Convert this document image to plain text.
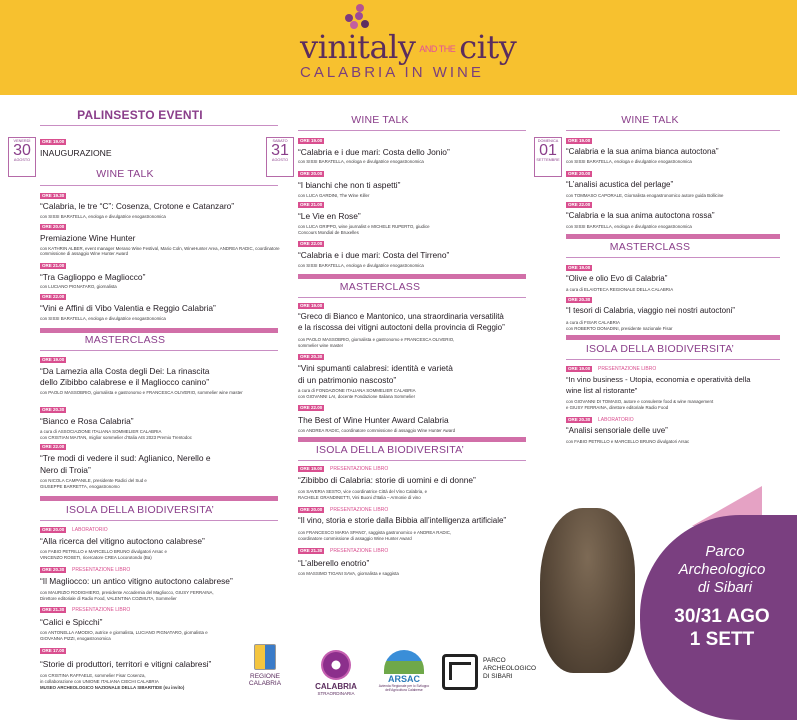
vinitaly AND THE city
CALABRIA IN WINE
PALINSESTO EVENTI
VENERDÌ
30
AGOSTO
ORE 19.00
INAUGURAZIONE
WINE TALK
ORE 19.30
“Calabria, le tre “C”: Cosenza, Crotone e Catanzaro”
con SISSI BARATELLA, enologa e divulgatrice enogastronomica
ORE 20.00
Premiazione Wine Hunter
con KATHRIN ALBER, event manager Merano Wine Festival, Mario Coln, WineHunter Area, ANDREA RADIC, coordinatore commissione di assaggio Wine Hunter Award
ORE 21.00
“Tra Gaglioppo e Magliocco”
con LUCIANO PIGNATARO, giornalista
ORE 22.00
“Vini e Affini di Vibo Valentia e Reggio Calabria”
con SISSI BARATELLA, enologa e divulgatrice enogastronomica
MASTERCLASS
ORE 19.00
“Da Lamezia alla Costa degli Dei: La rinascita
dello Zibibbo calabrese e il Magliocco canino”
con PAOLO MASSOBRIO, giornalista e gastronomo e FRANCESCA OLIVERIO, sommelier wine master
ORE 20.30
“Bianco e Rosa Calabria”
a cura di ASSOCIAZIONE ITALIANA SOMMELIER CALABRIA
con CRISTIAN MAITAN, miglior sommelier d’Italia AIS 2023 Premio Trentodoc
ORE 22.00
“Tre modi di vedere il sud: Aglianico, Nerello e
Nero di Troia”
con NICOLA CAMPANILE, presidente Radici del Sud e
GIUSEPPE BARRETTA, enogastronomo
ISOLA DELLA BIODIVERSITA’
ORE 20.00	LABORATORIO
“Alla ricerca del vitigno autoctono calabrese”
con FABIO PETRILLO e MARCELLO BRUNO divulgatori Arsac e
VINCENZO ROSETI, ricercatore CREA Locorotondo (Ba)
ORE 20.30	PRESENTAZIONE LIBRO
“Il Magliocco: un antico vitigno autoctono calabrese”
con MAURIZIO RODIGHIERO, presidente Accademia del Magliocco, GIUSY FERRAINA,
Direttore editoriale di Radio Food, VALENTINA COZMUTA, Sommelier
ORE 21.30	PRESENTAZIONE LIBRO
“Calici e Spicchi”
con ANTONELLA AMODIO, autrice e giornalista, LUCIANO PIGNATARO, giornalista e
GIOVANNA PIZZI, enogastronomica
ORE 17.00
“Storie di produttori, territori e vitigni calabresi”
con CRISTINA RAFFAELE, sommelier Fisar Cosenza,
in collaborazione con UNIONE ITALIANA CIECHI CALABRIA
MUSEO ARCHEOLOGICO NAZIONALE DELLA SIBARITIDE (su invito)
WINE TALK
SABATO
31
AGOSTO
ORE 19.00
“Calabria e i due mari: Costa dello Jonio”
con SISSI BARATELLA, enologa e divulgatrice enogastronomica
ORE 20.00
“I bianchi che non ti aspetti”
con LUCA GARDINI, The Wine Killer
ORE 21.00
“Le Vie en Rose”
con LUCA GRIPPO, wine journalist e MICHELE RUPERTO, giudice
Concours Mondial de Bruxelles
ORE 22.00
“Calabria e i due mari: Costa del Tirreno”
con SISSI BARATELLA, enologa e divulgatrice enogastronomica
MASTERCLASS
ORE 19.00
“Greco di Bianco e Mantonico, una straordinaria versatilità
e la riscossa dei vitigni autoctoni della provincia di Reggio”
con PAOLO MASSOBRIO, giornalista e gastronomo e FRANCESCA OLIVERIO,
sommelier wine master
ORE 20.30
“Vini spumanti calabresi: identità e varietà
di un patrimonio nascosto”
a cura di FONDAZIONE ITALIANA SOMMELIER CALABRIA
con GIOVANNI LAI, docente Fondazione Italiana Sommelier
ORE 22.00
The Best of Wine Hunter Award Calabria
con ANDREA RADIC, coordinatore commissione di assaggio Wine Hunter Award
ISOLA DELLA BIODIVERSITA’
ORE 19.00	PRESENTAZIONE LIBRO
“Zibibbo di Calabria: storie di uomini e di donne”
con SAVERIA SESTO, vice coordinatrice Città del Vino Calabria, e
RACHELE GRANDINETTI, Vini Buoni d’Italia – Armonie di vino
ORE 20.00	PRESENTAZIONE LIBRO
“Il vino, storia e storie dalla Bibbia all’intelligenza artificiale”
con FRANCESCO MARIA SPANO’, saggista gastronomico e ANDREA RADIC,
coordinatore commissione di assaggio Wine Hunter Award
ORE 21.30	PRESENTAZIONE LIBRO
“L’alberello enotrio”
con MASSIMO TIGANI SAVA, giornalista e saggista
WINE TALK
DOMENICA
01
SETTEMBRE
ORE 19.00
“Calabria e la sua anima bianca autoctona”
con SISSI BARATELLA, enologa e divulgatrice enogastronomica
ORE 20.00
“L’analisi acustica del perlage”
con TOMMASO CAPORALE, Giornalista enogastronomico autore guida Bollicine
ORE 22.00
“Calabria e la sua anima autoctona rossa”
con SISSI BARATELLA, enologa e divulgatrice enogastronomica
MASTERCLASS
ORE 19.00
“Olive e olio Evo di Calabria”
a cura di ELAIOTECA REGIONALE DELLA CALABRIA
ORE 20.30
“I tesori di Calabria, viaggio nei nostri autoctoni”
a cura di FISAR CALABRIA
con ROBERTO DONADINI, presidente nazionale Fisar
ISOLA DELLA BIODIVERSITA’
ORE 19.00	PRESENTAZIONE LIBRO
“In vino business - Utopia, economia e operatività della
wine list al ristorante”
con GIOVANNI DI TOMASO, autore e consulente food & wine management
e GIUSY FERRAINA, direttore editoriale Radio Food
ORE 20.30	LABORATORIO
“Analisi sensoriale delle uve”
con FABIO PETRILLO e MARCELLO BRUNO divulgatori Arsac
Parco
Archeologico
di Sibari
30/31 AGO
1 SETT
REGIONE CALABRIA	CALABRIA
STRAORDINARIA
ARSAC
Azienda Regionale per lo Sviluppo dell’Agricoltura Calabrese
PARCO ARCHEOLOGICO DI SIBARI
